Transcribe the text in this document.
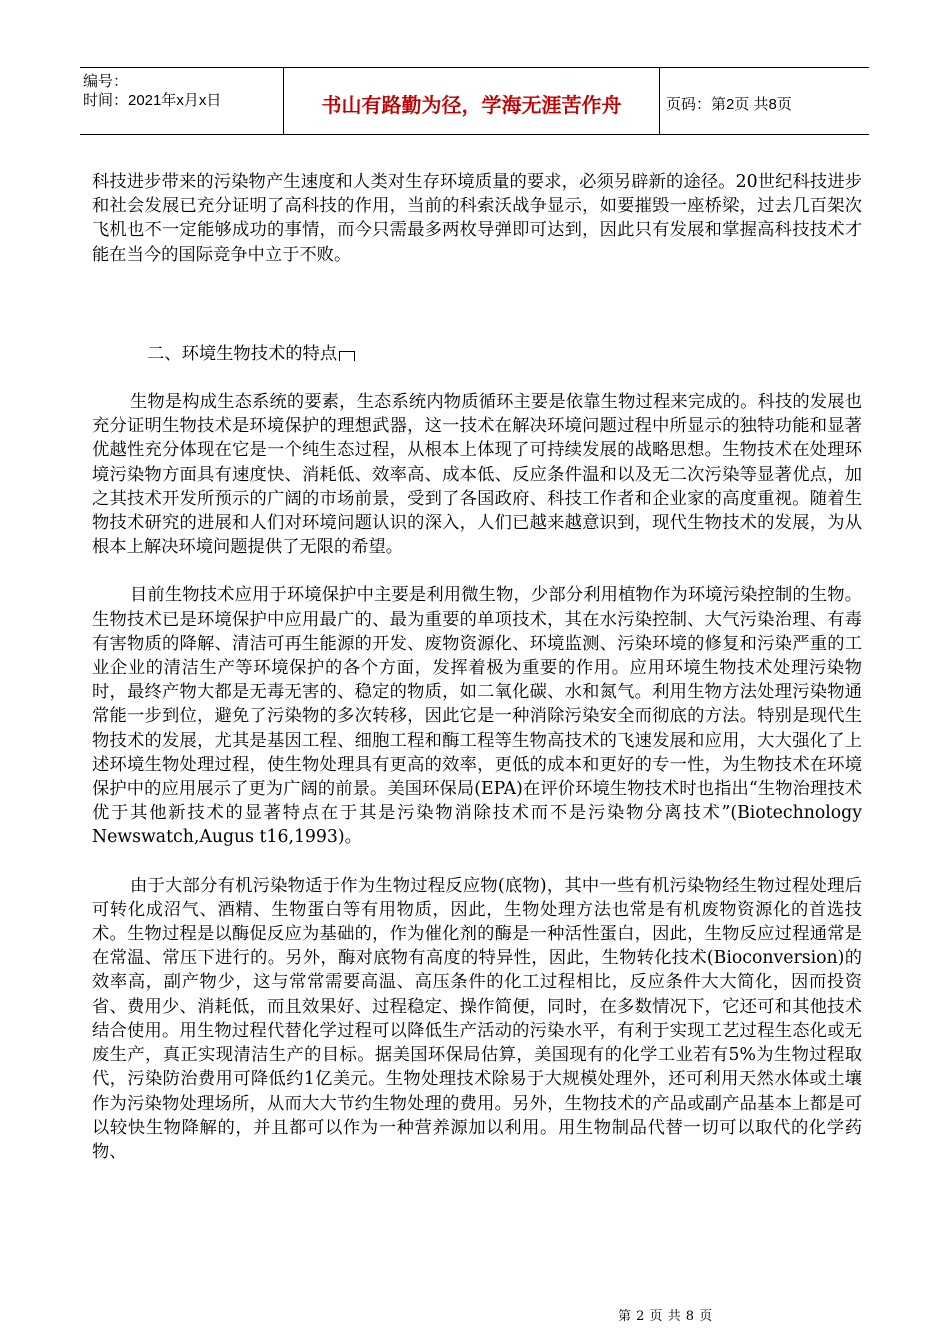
编号：
时间：2021年x月x日	书山有路勤为径，学海无涯苦作舟	页码：第2页 共8页

科技进步带来的污染物产生速度和人类对生存环境质量的要求，必须另辟新的途径。20世纪科技进步和社会发展已充分证明了高科技的作用，当前的科索沃战争显示，如要摧毁一座桥梁，过去几百架次飞机也不一定能够成功的事情，而今只需最多两枚导弹即可达到，因此只有发展和掌握高科技技术才能在当今的国际竞争中立于不败。

二、环境生物技术的特点

生物是构成生态系统的要素，生态系统内物质循环主要是依靠生物过程来完成的。科技的发展也充分证明生物技术是环境保护的理想武器，这一技术在解决环境问题过程中所显示的独特功能和显著优越性充分体现在它是一个纯生态过程，从根本上体现了可持续发展的战略思想。生物技术在处理环境污染物方面具有速度快、消耗低、效率高、成本低、反应条件温和以及无二次污染等显著优点，加之其技术开发所预示的广阔的市场前景，受到了各国政府、科技工作者和企业家的高度重视。随着生物技术研究的进展和人们对环境问题认识的深入，人们已越来越意识到，现代生物技术的发展，为从根本上解决环境问题提供了无限的希望。

目前生物技术应用于环境保护中主要是利用微生物，少部分利用植物作为环境污染控制的生物。生物技术已是环境保护中应用最广的、最为重要的单项技术，其在水污染控制、大气污染治理、有毒有害物质的降解、清洁可再生能源的开发、废物资源化、环境监测、污染环境的修复和污染严重的工业企业的清洁生产等环境保护的各个方面，发挥着极为重要的作用。应用环境生物技术处理污染物时，最终产物大都是无毒无害的、稳定的物质，如二氧化碳、水和氮气。利用生物方法处理污染物通常能一步到位，避免了污染物的多次转移，因此它是一种消除污染安全而彻底的方法。特别是现代生物技术的发展，尤其是基因工程、细胞工程和酶工程等生物高技术的飞速发展和应用，大大强化了上述环境生物处理过程，使生物处理具有更高的效率，更低的成本和更好的专一性，为生物技术在环境保护中的应用展示了更为广阔的前景。美国环保局(EPA)在评价环境生物技术时也指出“生物治理技术优于其他新技术的显著特点在于其是污染物消除技术而不是污染物分离技术”(Biotechnology Newswatch,Augus t16,1993)。

由于大部分有机污染物适于作为生物过程反应物(底物)，其中一些有机污染物经生物过程处理后可转化成沼气、酒精、生物蛋白等有用物质，因此，生物处理方法也常是有机废物资源化的首选技术。生物过程是以酶促反应为基础的，作为催化剂的酶是一种活性蛋白，因此，生物反应过程通常是在常温、常压下进行的。另外，酶对底物有高度的特异性，因此，生物转化技术(Bioconversion)的效率高，副产物少，这与常常需要高温、高压条件的化工过程相比，反应条件大大简化，因而投资省、费用少、消耗低，而且效果好、过程稳定、操作简便，同时，在多数情况下，它还可和其他技术结合使用。用生物过程代替化学过程可以降低生产活动的污染水平，有利于实现工艺过程生态化或无废生产，真正实现清洁生产的目标。据美国环保局估算，美国现有的化学工业若有5%为生物过程取代，污染防治费用可降低约1亿美元。生物处理技术除易于大规模处理外，还可利用天然水体或土壤作为污染物处理场所，从而大大节约生物处理的费用。另外，生物技术的产品或副产品基本上都是可以较快生物降解的，并且都可以作为一种营养源加以利用。用生物制品代替一切可以取代的化学药物、

第 2 页 共 8 页
